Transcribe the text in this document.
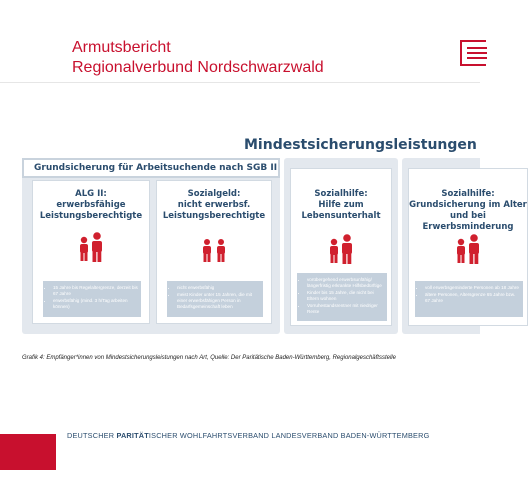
Armutsbericht
Regionalverbund Nordschwarzwald
Mindestsicherungsleistungen
Grundsicherung für Arbeitsuchende nach SGB II
ALG II:
erwerbsfähige
Leistungsberechtigte
• 15 Jahre bis Regelaltergrenze, derzeit bis 67 Jahre
• erwerbsfähig (mind. 3 h/Tag arbeiten können)
Sozialgeld:
nicht erwerbsf.
Leistungsberechtigte
• nicht erwerbsfähig
• meist Kinder unter 15 Jahren, die mit einer erwerbsfähigen Person in Bedarfsgemeinschaft leben
Sozialhilfe:
Hilfe zum
Lebensunterhalt
• vorübergehend erwerbsunfähig/ längerfristig erkrankte Hilfsbedürftige
• Kinder bis 15 Jahre, die nicht bei Eltern wohnen
• Vorruhestandsrentner mit niedriger Rente
Sozialhilfe:
Grundsicherung im Alter und bei
Erwerbsminderung
• voll erwerbsgeminderte Personen ab 18 Jahre
• ältere Personen, Altersgrenze 65 Jahre bzw. 67 Jahre
Grafik 4: Empfänger*innen von Mindestsicherungsleistungen nach Art, Quelle: Der Paritätische Baden-Württemberg, Regionalgeschäftsstelle
DEUTSCHER PARITÄTISCHER WOHLFAHRTSVERBAND LANDESVERBAND BADEN-WÜRTTEMBERG
